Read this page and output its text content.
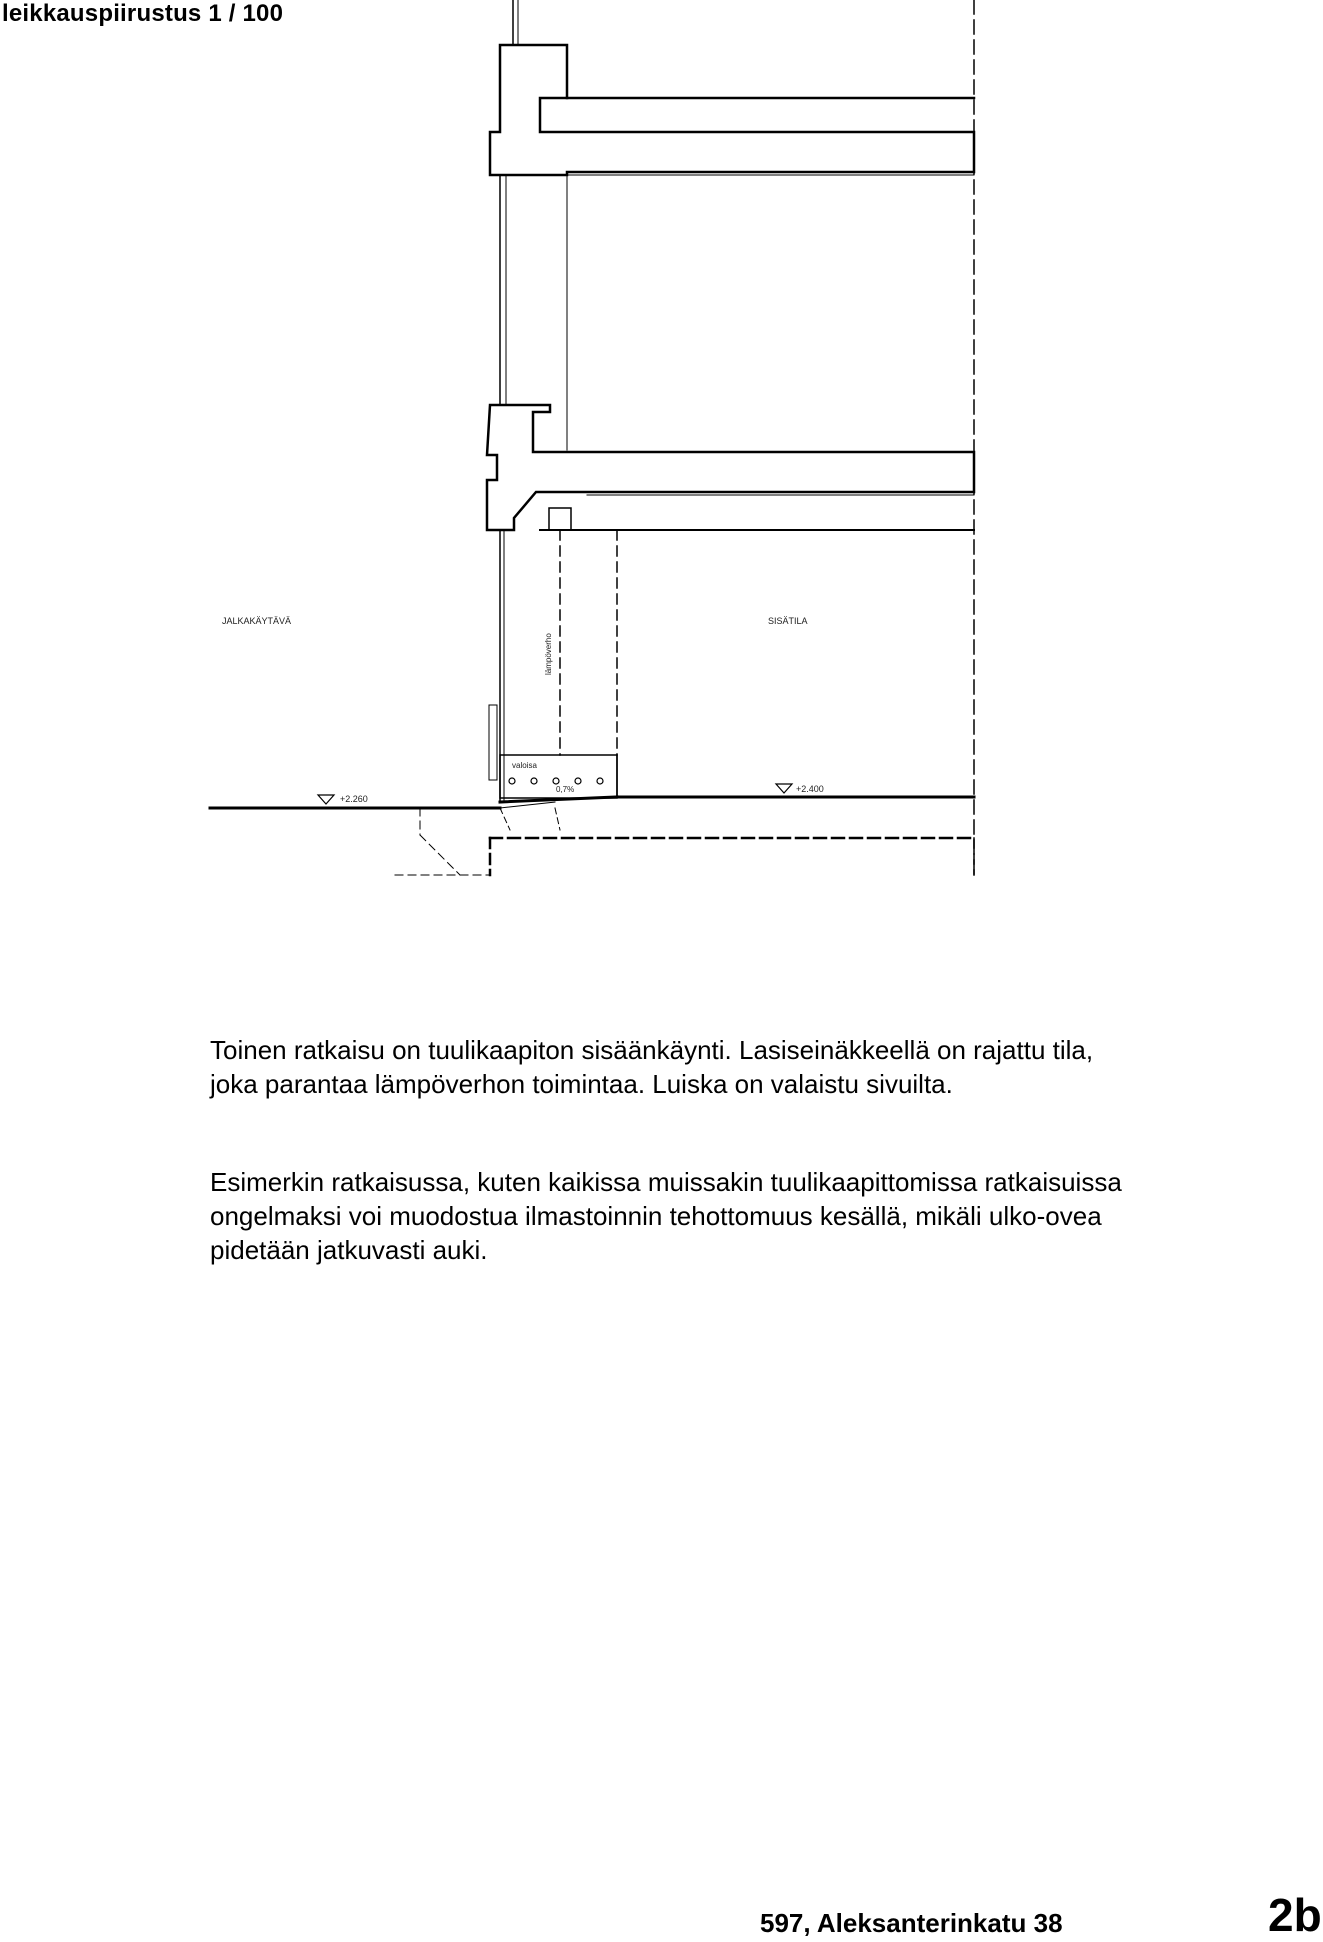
leikkauspiirustus 1 / 100
JALKAKÄYTÄVÄ	SISÄTILA
valoisa
0,7%
+2.260
+2.400
lämpöverho

Toinen ratkaisu on tuulikaapiton sisäänkäynti. Lasiseinäkkeellä on rajattu tila, joka parantaa lämpöverhon toimintaa. Luiska on valaistu sivuilta.

Esimerkin ratkaisussa, kuten kaikissa muissakin tuulikaapittomissa ratkaisuissa ongelmaksi voi muodostua ilmastoinnin tehottomuus kesällä, mikäli ulko-ovea pidetään jatkuvasti auki.

597, Aleksanterinkatu 38	2b
